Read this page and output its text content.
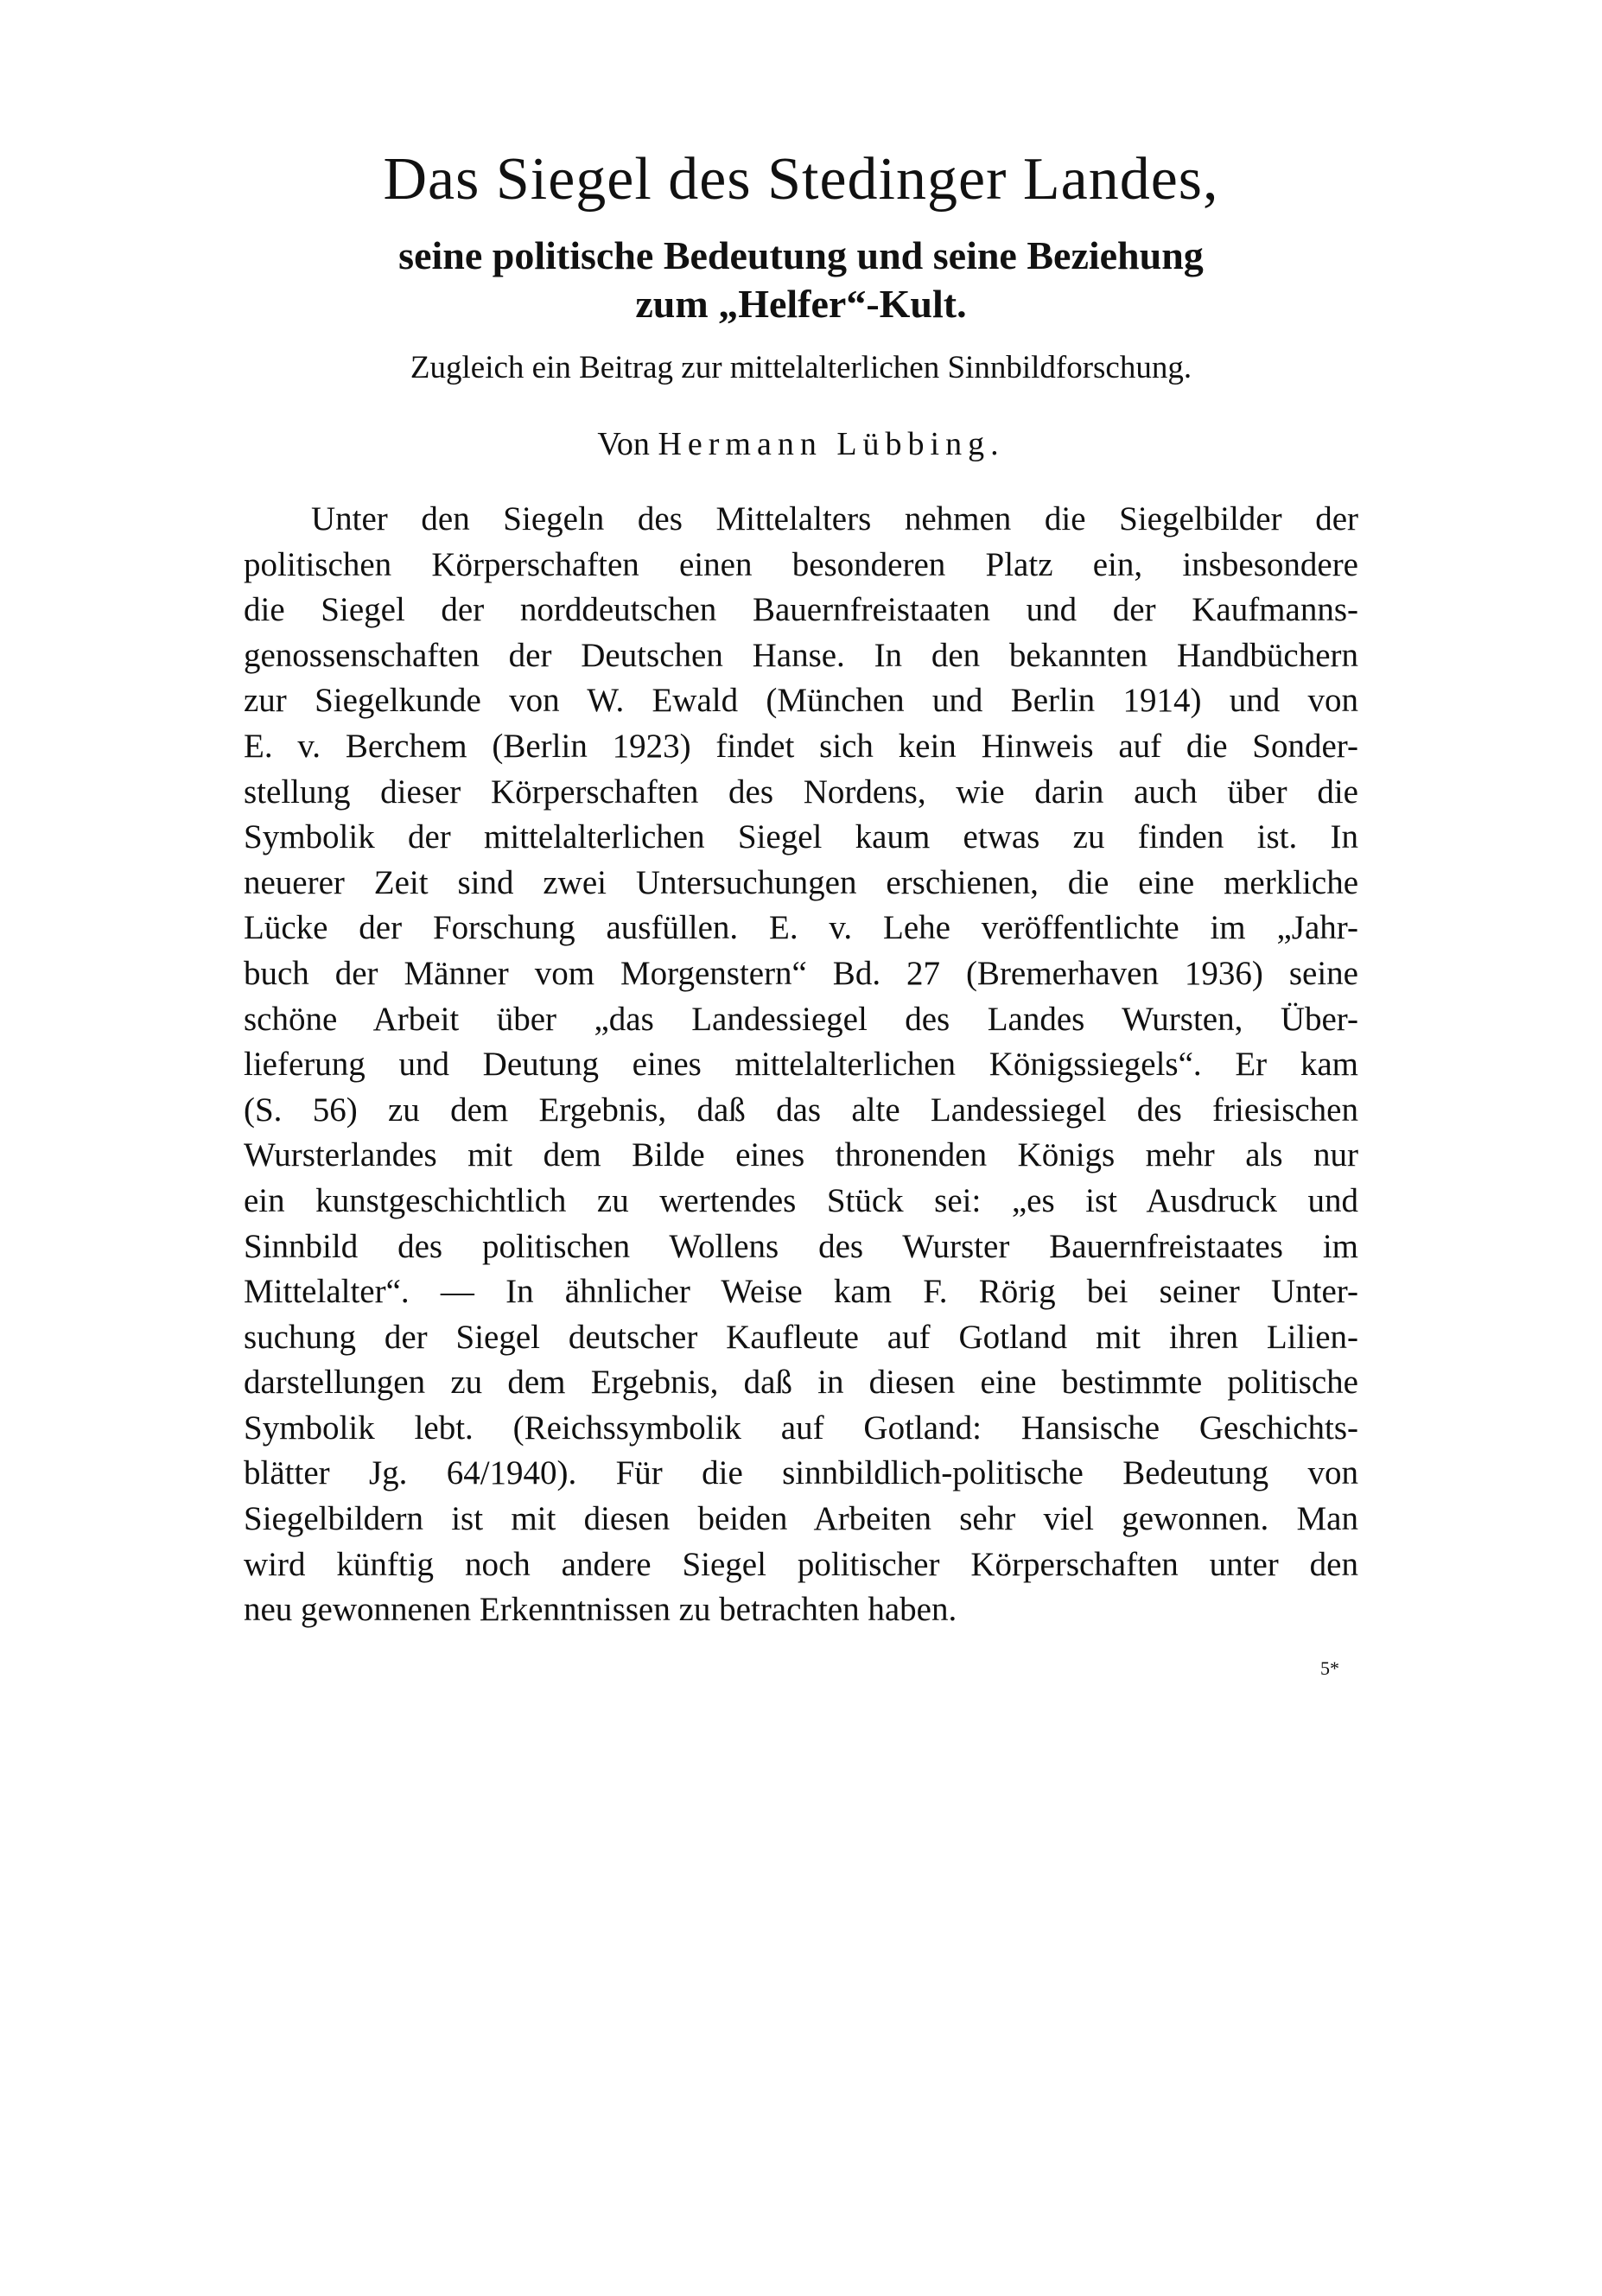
Das Siegel des Stedinger Landes,
seine politische Bedeutung und seine Beziehung
zum „Helfer“-Kult.

Zugleich ein Beitrag zur mittelalterlichen Sinnbildforschung.

Von Hermann Lübbing.

Unter den Siegeln des Mittelalters nehmen die Siegelbilder der
politischen Körperschaften einen besonderen Platz ein, insbesondere
die Siegel der norddeutschen Bauernfreistaaten und der Kaufmanns-
genossenschaften der Deutschen Hanse. In den bekannten Handbüchern
zur Siegelkunde von W. Ewald (München und Berlin 1914) und von
E. v. Berchem (Berlin 1923) findet sich kein Hinweis auf die Sonder-
stellung dieser Körperschaften des Nordens, wie darin auch über die
Symbolik der mittelalterlichen Siegel kaum etwas zu finden ist. In
neuerer Zeit sind zwei Untersuchungen erschienen, die eine merkliche
Lücke der Forschung ausfüllen. E. v. Lehe veröffentlichte im „Jahr-
buch der Männer vom Morgenstern“ Bd. 27 (Bremerhaven 1936) seine
schöne Arbeit über „das Landessiegel des Landes Wursten, Über-
lieferung und Deutung eines mittelalterlichen Königssiegels“. Er kam
(S. 56) zu dem Ergebnis, daß das alte Landessiegel des friesischen
Wursterlandes mit dem Bilde eines thronenden Königs mehr als nur
ein kunstgeschichtlich zu wertendes Stück sei: „es ist Ausdruck und
Sinnbild des politischen Wollens des Wurster Bauernfreistaates im
Mittelalter“. — In ähnlicher Weise kam F. Rörig bei seiner Unter-
suchung der Siegel deutscher Kaufleute auf Gotland mit ihren Lilien-
darstellungen zu dem Ergebnis, daß in diesen eine bestimmte politische
Symbolik lebt. (Reichssymbolik auf Gotland: Hansische Geschichts-
blätter Jg. 64/1940). Für die sinnbildlich-politische Bedeutung von
Siegelbildern ist mit diesen beiden Arbeiten sehr viel gewonnen. Man
wird künftig noch andere Siegel politischer Körperschaften unter den
neu gewonnenen Erkenntnissen zu betrachten haben.

5*
